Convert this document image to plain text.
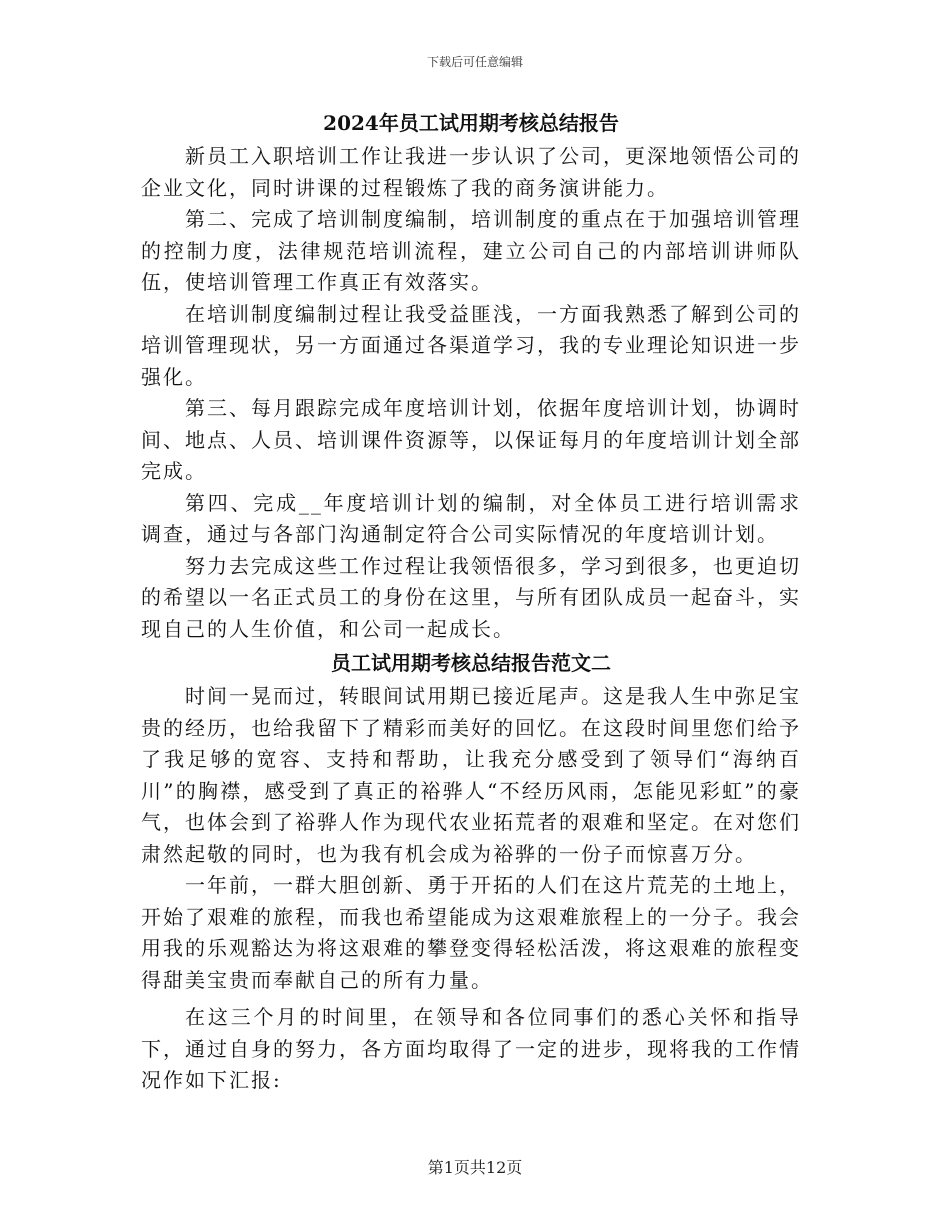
下载后可任意编辑
2024年员工试用期考核总结报告

新员工入职培训工作让我进一步认识了公司，更深地领悟公司的企业文化，同时讲课的过程锻炼了我的商务演讲能力。

第二、完成了培训制度编制，培训制度的重点在于加强培训管理的控制力度，法律规范培训流程，建立公司自己的内部培训讲师队伍，使培训管理工作真正有效落实。

在培训制度编制过程让我受益匪浅，一方面我熟悉了解到公司的培训管理现状，另一方面通过各渠道学习，我的专业理论知识进一步强化。

第三、每月跟踪完成年度培训计划，依据年度培训计划，协调时间、地点、人员、培训课件资源等，以保证每月的年度培训计划全部完成。

第四、完成__年度培训计划的编制，对全体员工进行培训需求调查，通过与各部门沟通制定符合公司实际情况的年度培训计划。

努力去完成这些工作过程让我领悟很多，学习到很多，也更迫切的希望以一名正式员工的身份在这里，与所有团队成员一起奋斗，实现自己的人生价值，和公司一起成长。

员工试用期考核总结报告范文二

时间一晃而过，转眼间试用期已接近尾声。这是我人生中弥足宝贵的经历，也给我留下了精彩而美好的回忆。在这段时间里您们给予了我足够的宽容、支持和帮助，让我充分感受到了领导们“海纳百川”的胸襟，感受到了真正的裕骅人“不经历风雨，怎能见彩虹”的豪气，也体会到了裕骅人作为现代农业拓荒者的艰难和坚定。在对您们肃然起敬的同时，也为我有机会成为裕骅的一份子而惊喜万分。

一年前，一群大胆创新、勇于开拓的人们在这片荒芜的土地上，开始了艰难的旅程，而我也希望能成为这艰难旅程上的一分子。我会用我的乐观豁达为将这艰难的攀登变得轻松活泼，将这艰难的旅程变得甜美宝贵而奉献自己的所有力量。

在这三个月的时间里，在领导和各位同事们的悉心关怀和指导下，通过自身的努力，各方面均取得了一定的进步，现将我的工作情况作如下汇报:

第1页共12页
